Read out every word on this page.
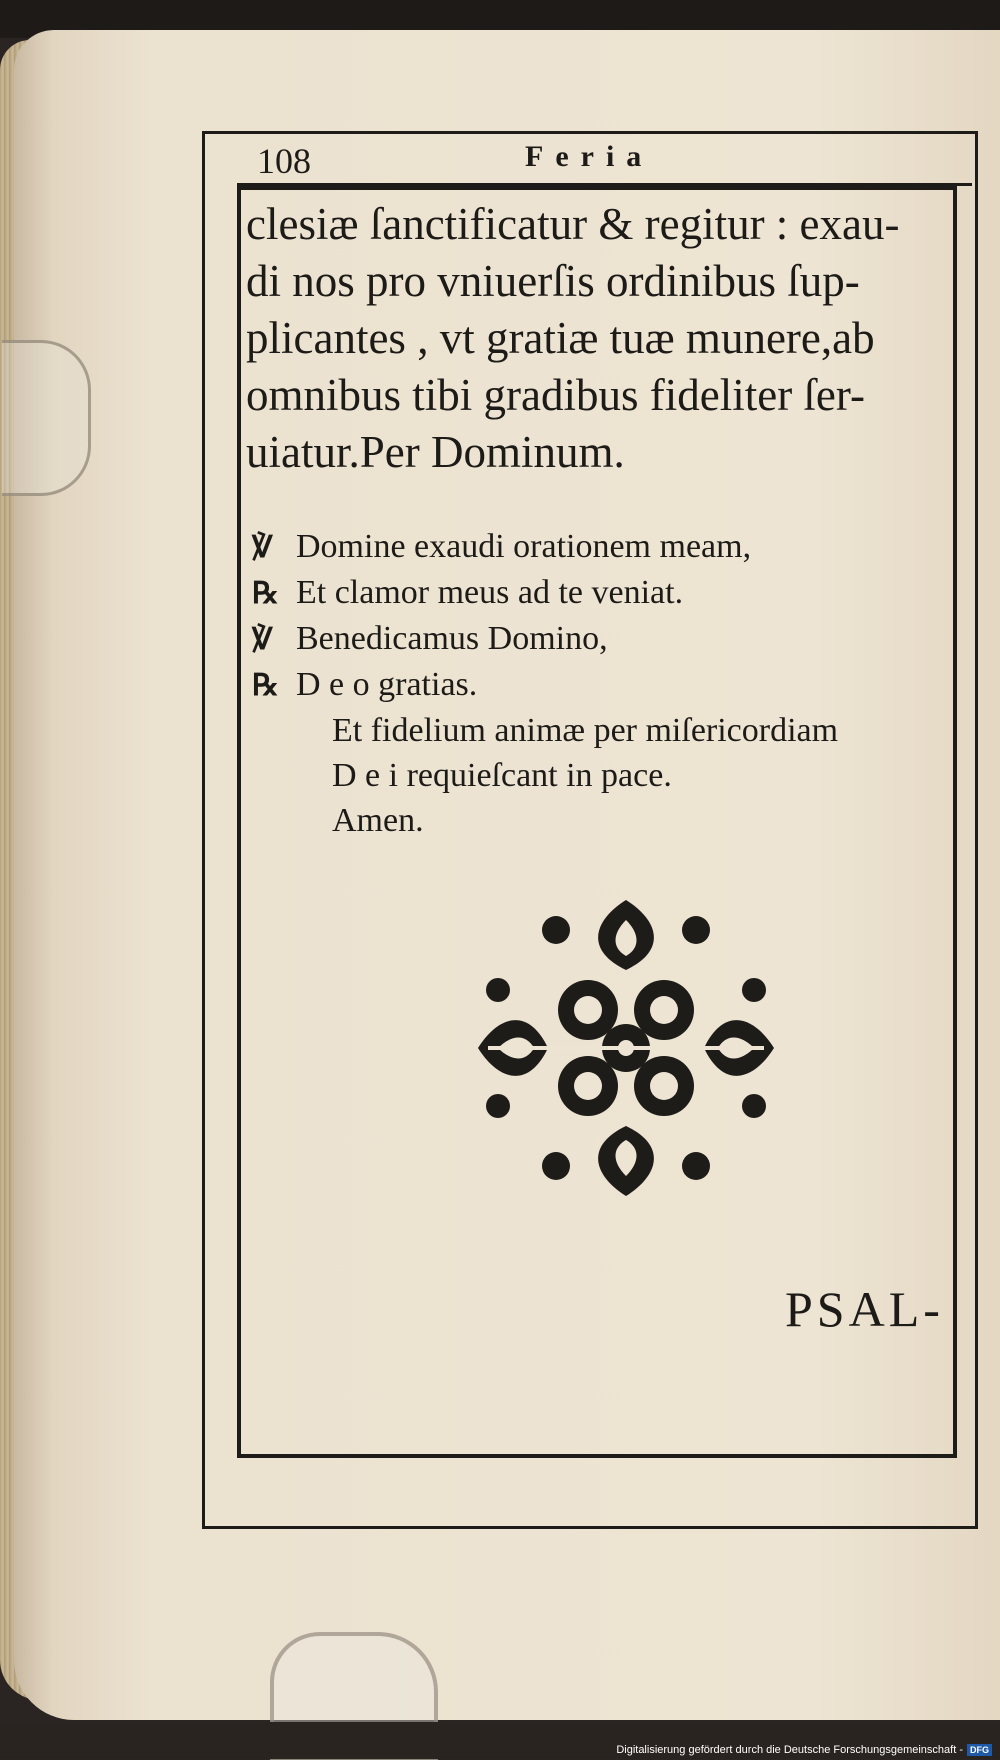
108	Feria
clesiæ ſanctificatur & regitur : exau-
di nos pro vniuerſis ordinibus ſup-
plicantes , vt gratiæ tuæ munere,ab
omnibus tibi gradibus fideliter ſer-
uiatur.Per Dominum.
℣ Domine exaudi orationem meam,
℞ Et clamor meus ad te veniat.
℣ Benedicamus Domino,
℞ D e o gratias.
Et fidelium animæ per miſericordiam
D e i requieſcant in pace.
Amen.
PSAL-
Digitalisierung gefördert durch die Deutsche Forschungsgemeinschaft - DFG
